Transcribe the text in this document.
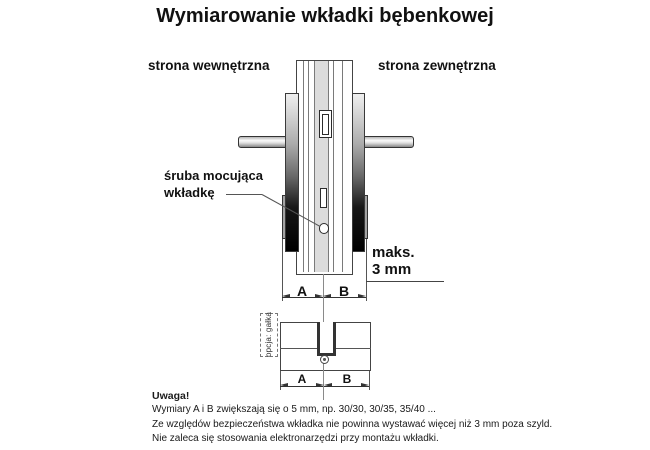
Wymiarowanie wkładki bębenkowej
strona wewnętrzna	strona zewnętrzna
śruba mocująca
wkładkę
maks.
3 mm
A	B
opcja: gałka
A	B
Uwaga!
Wymiary A i B zwiększają się o 5 mm, np. 30/30, 30/35, 35/40 ...
Ze względów bezpieczeństwa wkładka nie powinna wystawać więcej niż 3 mm poza szyld.
Nie zaleca się stosowania elektronarzędzi przy montażu wkładki.
